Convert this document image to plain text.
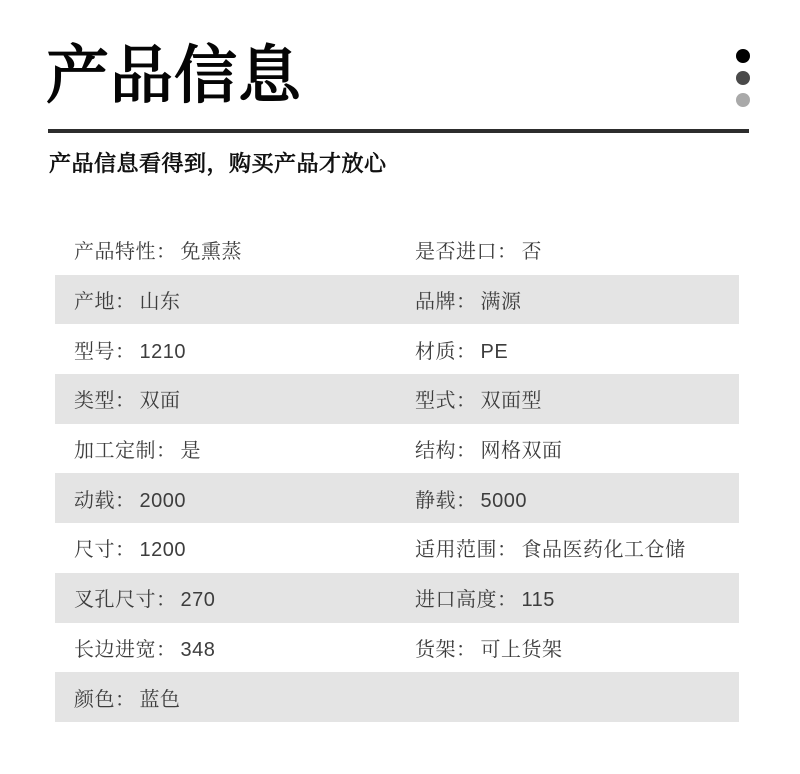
产品信息
产品信息看得到，购买产品才放心
产品特性： 免熏蒸	是否进口： 否
产地： 山东	品牌： 满源
型号： 1210	材质： PE
类型： 双面	型式： 双面型
加工定制： 是	结构： 网格双面
动载： 2000	静载： 5000
尺寸： 1200	适用范围： 食品医药化工仓储
叉孔尺寸： 270	进口高度： 115
长边进宽： 348	货架： 可上货架
颜色： 蓝色
